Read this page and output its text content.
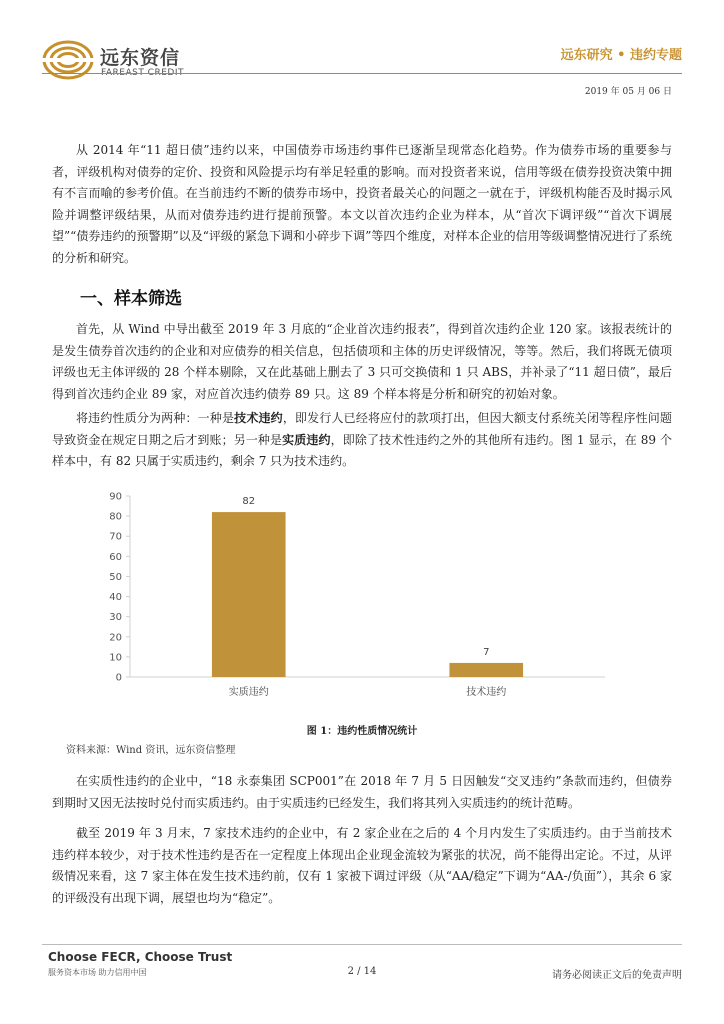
远东资信
FAREAST CREDIT
远东研究 • 违约专题
2019 年 05 月 06 日

从 2014 年“11 超日债”违约以来，中国债券市场违约事件已逐渐呈现常态化趋势。作为债券市场的重要参与者，评级机构对债券的定价、投资和风险提示均有举足轻重的影响。而对投资者来说，信用等级在债券投资决策中拥有不言而喻的参考价值。在当前违约不断的债券市场中，投资者最关心的问题之一就在于，评级机构能否及时揭示风险并调整评级结果，从而对债券违约进行提前预警。本文以首次违约企业为样本，从“首次下调评级”“首次下调展望”“债券违约的预警期”以及“评级的紧急下调和小碎步下调”等四个维度，对样本企业的信用等级调整情况进行了系统的分析和研究。

一、样本筛选

首先，从 Wind 中导出截至 2019 年 3 月底的“企业首次违约报表”，得到首次违约企业 120 家。该报表统计的是发生债券首次违约的企业和对应债券的相关信息，包括债项和主体的历史评级情况，等等。然后，我们将既无债项评级也无主体评级的 28 个样本剔除，又在此基础上删去了 3 只可交换债和 1 只 ABS，并补录了“11 超日债”，最后得到首次违约企业 89 家，对应首次违约债券 89 只。这 89 个样本将是分析和研究的初始对象。

将违约性质分为两种：一种是技术违约，即发行人已经将应付的款项打出，但因大额支付系统关闭等程序性问题导致资金在规定日期之后才到账；另一种是实质违约，即除了技术性违约之外的其他所有违约。图 1 显示，在 89 个样本中，有 82 只属于实质违约，剩余 7 只为技术违约。

0
10
20
30
40
50
60
70
80
90	82
实质违约
7
技术违约
图 1：违约性质情况统计
资料来源：Wind 资讯，远东资信整理

在实质性违约的企业中，“18 永泰集团 SCP001”在 2018 年 7 月 5 日因触发“交叉违约”条款而违约，但债券到期时又因无法按时兑付而实质违约。由于实质违约已经发生，我们将其列入实质违约的统计范畴。

截至 2019 年 3 月末，7 家技术违约的企业中，有 2 家企业在之后的 4 个月内发生了实质违约。由于当前技术违约样本较少，对于技术性违约是否在一定程度上体现出企业现金流较为紧张的状况，尚不能得出定论。不过，从评级情况来看，这 7 家主体在发生技术违约前，仅有 1 家被下调过评级（从“AA/稳定”下调为“AA-/负面”），其余 6 家的评级没有出现下调，展望也均为“稳定”。

Choose FECR, Choose Trust
服务资本市场 助力信用中国	2 / 14	请务必阅读正文后的免责声明
